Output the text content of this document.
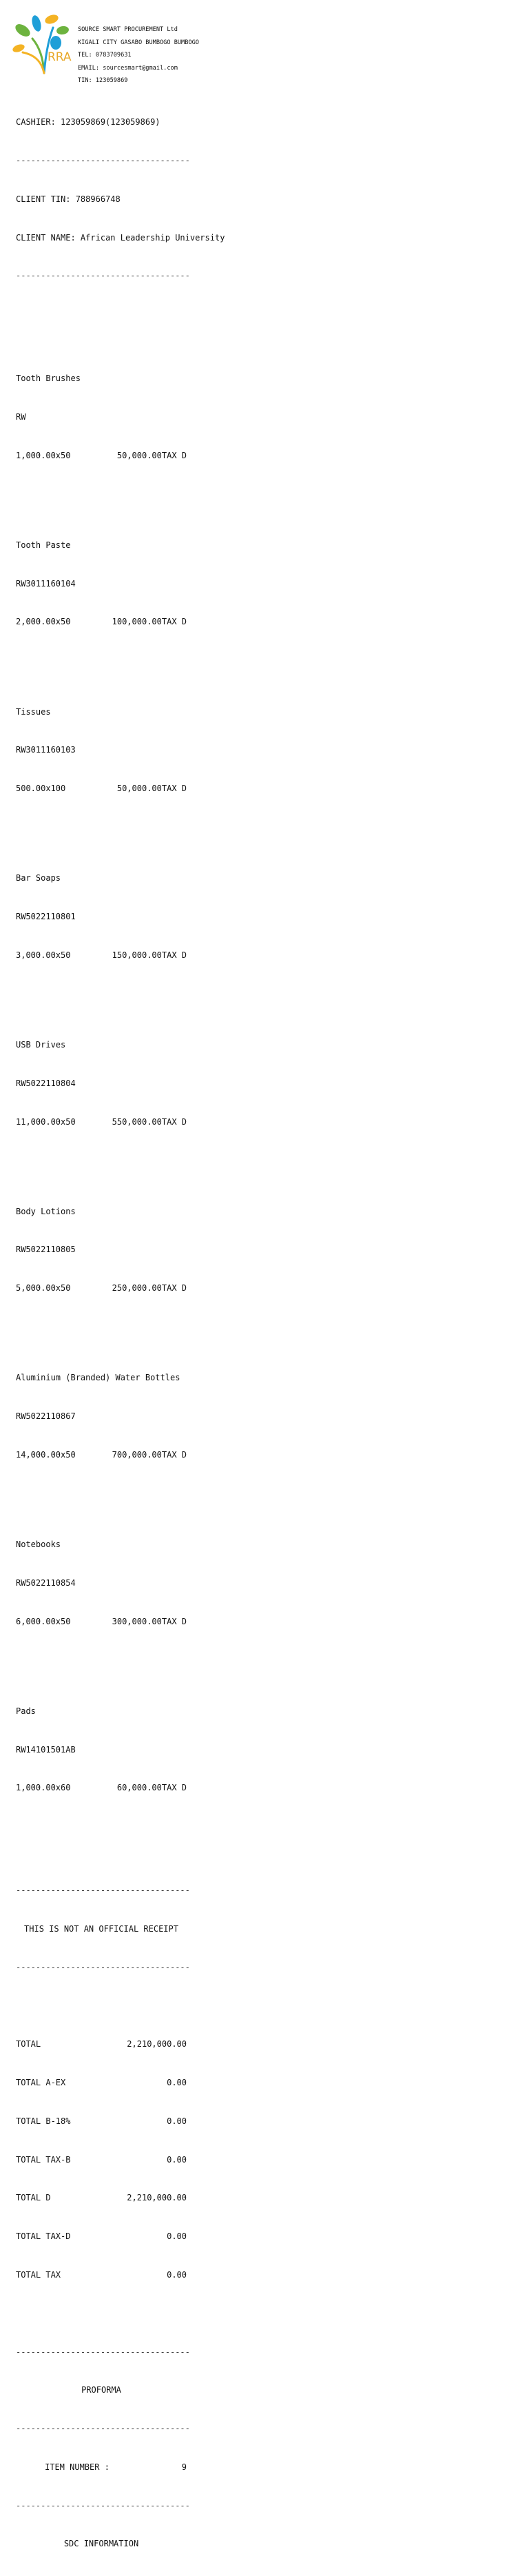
RRA
SOURCE SMART PROCUREMENT Ltd
KIGALI CITY GASABO BUMBOGO BUMBOGO
TEL: 0783709631
EMAIL: sourcesmart@gmail.com
TIN: 123059869

CASHIER: 123059869(123059869)

-----------------------------------

CLIENT TIN: 788966748

CLIENT NAME: African Leadership University

-----------------------------------

Tooth Brushes

RW

1,000.00x50	50,000.00TAX D

Tooth Paste

RW3011160104

2,000.00x50	100,000.00TAX D

Tissues

RW3011160103

500.00x100	50,000.00TAX D

Bar Soaps

RW5022110801

3,000.00x50	150,000.00TAX D

USB Drives

RW5022110804

11,000.00x50	550,000.00TAX D

Body Lotions

RW5022110805

5,000.00x50	250,000.00TAX D

Aluminium (Branded) Water Bottles

RW5022110867

14,000.00x50	700,000.00TAX D

Notebooks

RW5022110854

6,000.00x50	300,000.00TAX D

Pads

RW14101501AB

1,000.00x60	60,000.00TAX D

-----------------------------------

THIS IS NOT AN OFFICIAL RECEIPT

-----------------------------------

TOTAL	2,210,000.00

TOTAL A-EX	0.00

TOTAL B-18%	0.00

TOTAL TAX-B	0.00

TOTAL D	2,210,000.00

TOTAL TAX-D	0.00

TOTAL TAX	0.00

-----------------------------------

PROFORMA

-----------------------------------

ITEM NUMBER :	9

-----------------------------------

SDC INFORMATION
